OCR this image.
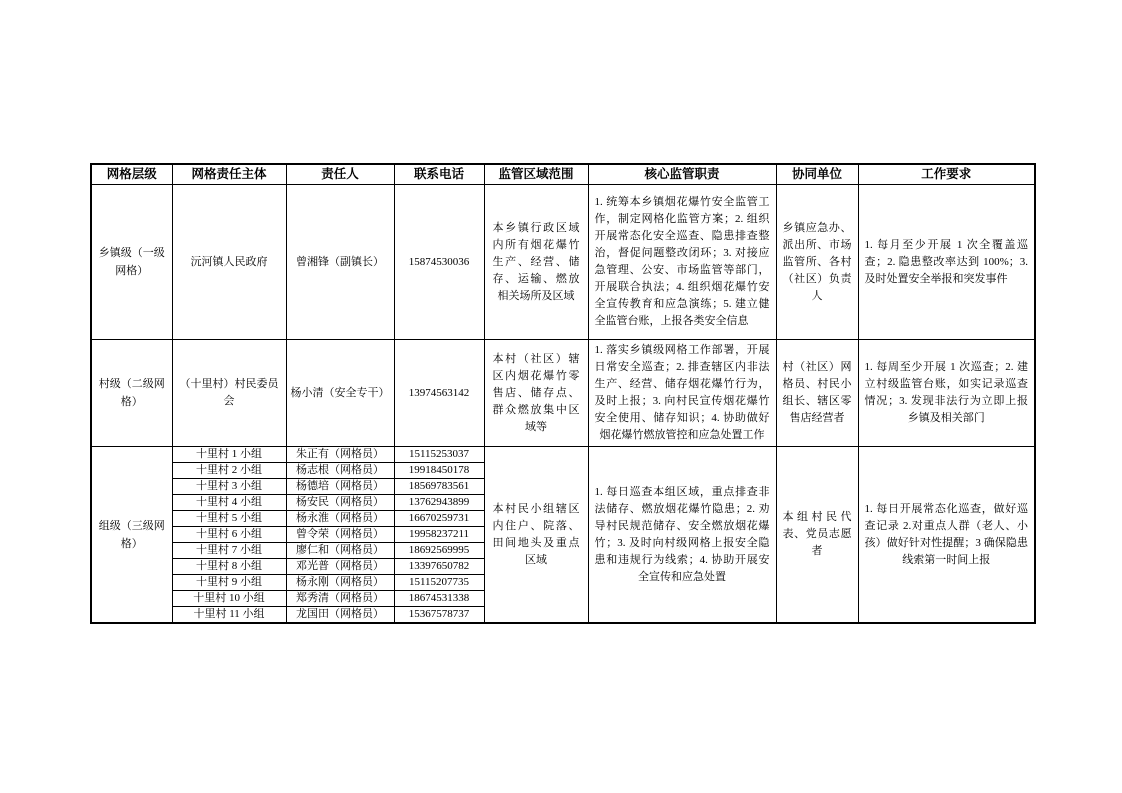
网格层级	网格责任主体	责任人	联系电话	监管区域范围	核心监管职责	协同单位	工作要求
乡镇级（一级网格）	沅河镇人民政府	曾湘锋（副镇长）	15874530036	本乡镇行政区域内所有烟花爆竹生产、经营、储存、运输、燃放相关场所及区域	1. 统筹本乡镇烟花爆竹安全监管工作，制定网格化监管方案；2. 组织开展常态化安全巡查、隐患排查整治，督促问题整改闭环；3. 对接应急管理、公安、市场监管等部门，开展联合执法；4. 组织烟花爆竹安全宣传教育和应急演练；5. 建立健全监管台账，上报各类安全信息	乡镇应急办、派出所、市场监管所、各村（社区）负责人	1. 每月至少开展 1 次全覆盖巡查；2. 隐患整改率达到 100%；3. 及时处置安全举报和突发事件
村级（二级网格）	（十里村）村民委员会	杨小清（安全专干）	13974563142	本村（社区）辖区内烟花爆竹零售店、储存点、群众燃放集中区域等	1. 落实乡镇级网格工作部署，开展日常安全巡查；2. 排查辖区内非法生产、经营、储存烟花爆竹行为，及时上报；3. 向村民宣传烟花爆竹安全使用、储存知识；4. 协助做好烟花爆竹燃放管控和应急处置工作	村（社区）网格员、村民小组长、辖区零售店经营者	1. 每周至少开展 1 次巡查；2. 建立村级监管台账，如实记录巡查情况；3. 发现非法行为立即上报乡镇及相关部门
组级（三级网格）	十里村 1 小组	朱正有（网格员）	15115253037	本村民小组辖区内住户、院落、田间地头及重点区域	1. 每日巡查本组区域，重点排查非法储存、燃放烟花爆竹隐患；2. 劝导村民规范储存、安全燃放烟花爆竹；3. 及时向村级网格上报安全隐患和违规行为线索；4. 协助开展安全宣传和应急处置	本组村民代表、党员志愿者	1. 每日开展常态化巡查，做好巡查记录 2.对重点人群（老人、小孩）做好针对性提醒；3 确保隐患线索第一时间上报
	十里村 2 小组	杨志根（网格员）	19918450178				
	十里村 3 小组	杨德培（网格员）	18569783561				
	十里村 4 小组	杨安民（网格员）	13762943899				
	十里村 5 小组	杨永淮（网格员）	16670259731				
	十里村 6 小组	曾令荣（网格员）	19958237211				
	十里村 7 小组	廖仁和（网格员）	18692569995				
	十里村 8 小组	邓光普（网格员）	13397650782				
	十里村 9 小组	杨永刚（网格员）	15115207735				
	十里村 10 小组	郑秀清（网格员）	18674531338				
	十里村 11 小组	龙国田（网格员）	15367578737				
